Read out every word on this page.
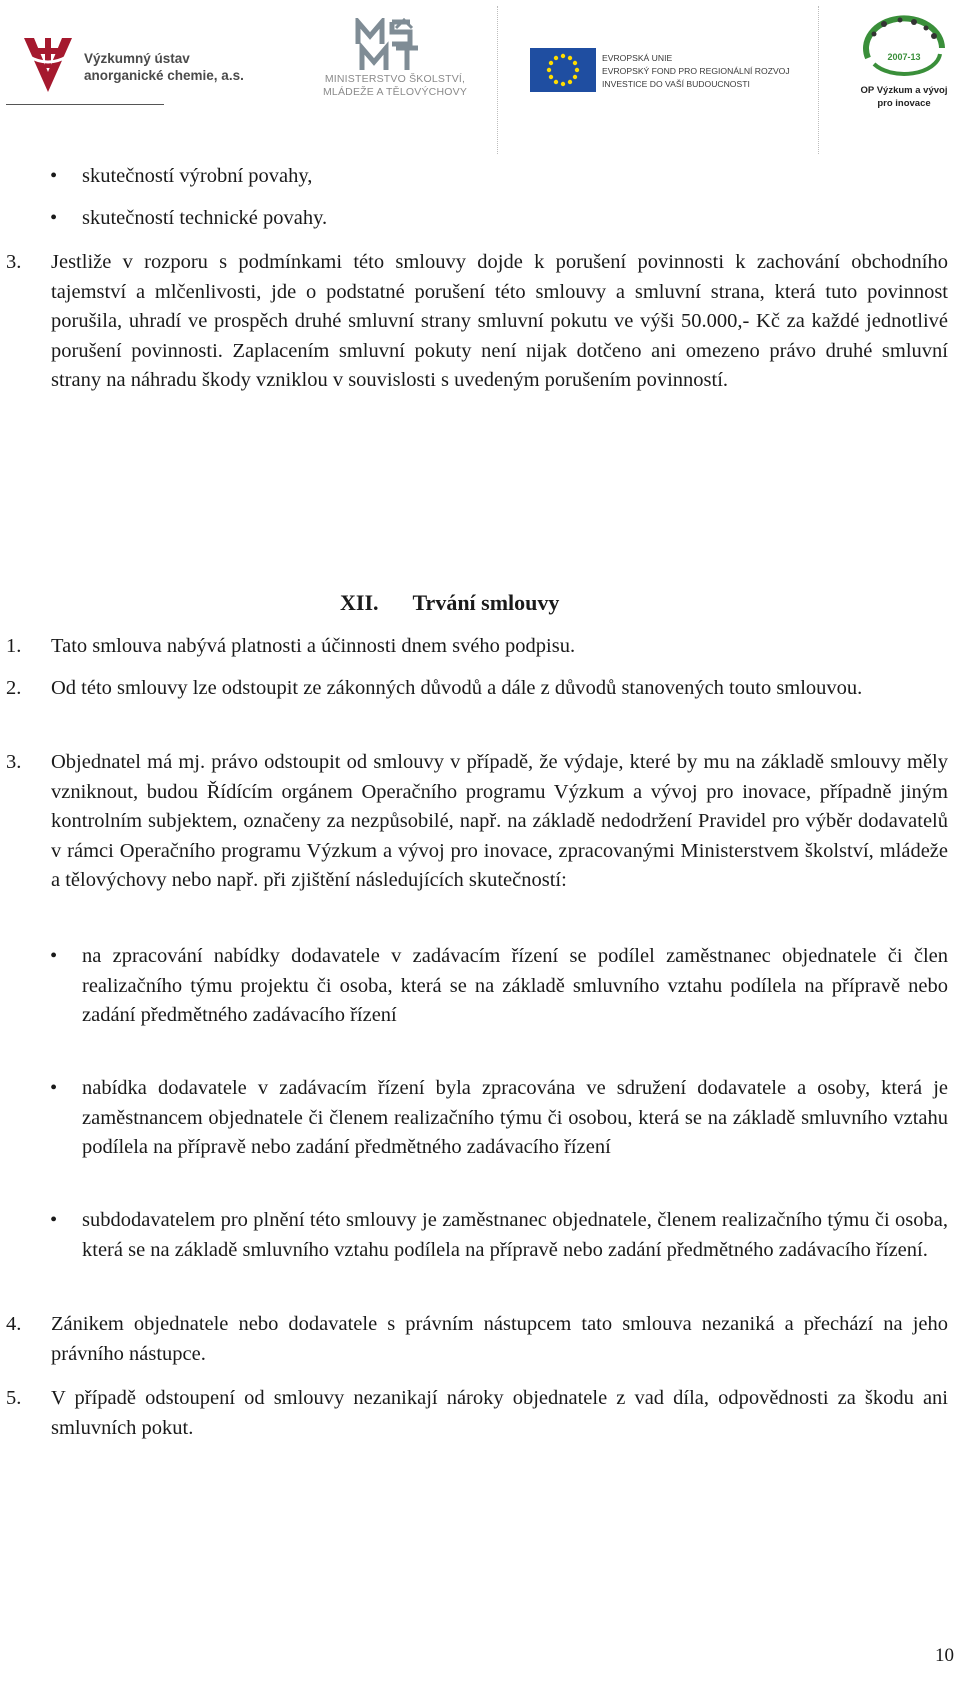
Výzkumný ústav
anorganické chemie, a.s.	MINISTERSTVO ŠKOLSTVÍ,
MLÁDEŽE A TĚLOVÝCHOVY
EVROPSKÁ UNIE
EVROPSKÝ FOND PRO REGIONÁLNÍ ROZVOJ
INVESTICE DO VAŠÍ BUDOUCNOSTI
2007-13
OP Výzkum a vývoj
pro inovace
• skutečností výrobní povahy,
• skutečností technické povahy.
3. Jestliže v rozporu s podmínkami této smlouvy dojde k porušení povinnosti k zachování obchodního tajemství a mlčenlivosti, jde o podstatné porušení této smlouvy a smluvní strana, která tuto povinnost porušila, uhradí ve prospěch druhé smluvní strany smluvní pokutu ve výši 50.000,- Kč za každé jednotlivé porušení povinnosti. Zaplacením smluvní pokuty není nijak dotčeno ani omezeno právo druhé smluvní strany na náhradu škody vzniklou v souvislosti s uvedeným porušením povinností.
XII. Trvání smlouvy
1. Tato smlouva nabývá platnosti a účinnosti dnem svého podpisu.
2. Od této smlouvy lze odstoupit ze zákonných důvodů a dále z důvodů stanovených touto smlouvou.
3. Objednatel má mj. právo odstoupit od smlouvy v případě, že výdaje, které by mu na základě smlouvy měly vzniknout, budou Řídícím orgánem Operačního programu Výzkum a vývoj pro inovace, případně jiným kontrolním subjektem, označeny za nezpůsobilé, např. na základě nedodržení Pravidel pro výběr dodavatelů v rámci Operačního programu Výzkum a vývoj pro inovace, zpracovanými Ministerstvem školství, mládeže a tělovýchovy nebo např. při zjištění následujících skutečností:
• na zpracování nabídky dodavatele v zadávacím řízení se podílel zaměstnanec objednatele či člen realizačního týmu projektu či osoba, která se na základě smluvního vztahu podílela na přípravě nebo zadání předmětného zadávacího řízení
• nabídka dodavatele v zadávacím řízení byla zpracována ve sdružení dodavatele a osoby, která je zaměstnancem objednatele či členem realizačního týmu či osobou, která se na základě smluvního vztahu podílela na přípravě nebo zadání předmětného zadávacího řízení
• subdodavatelem pro plnění této smlouvy je zaměstnanec objednatele, členem realizačního týmu či osoba, která se na základě smluvního vztahu podílela na přípravě nebo zadání předmětného zadávacího řízení.
4. Zánikem objednatele nebo dodavatele s právním nástupcem tato smlouva nezaniká a přechází na jeho právního nástupce.
5. V případě odstoupení od smlouvy nezanikají nároky objednatele z vad díla, odpovědnosti za škodu ani smluvních pokut.
10
